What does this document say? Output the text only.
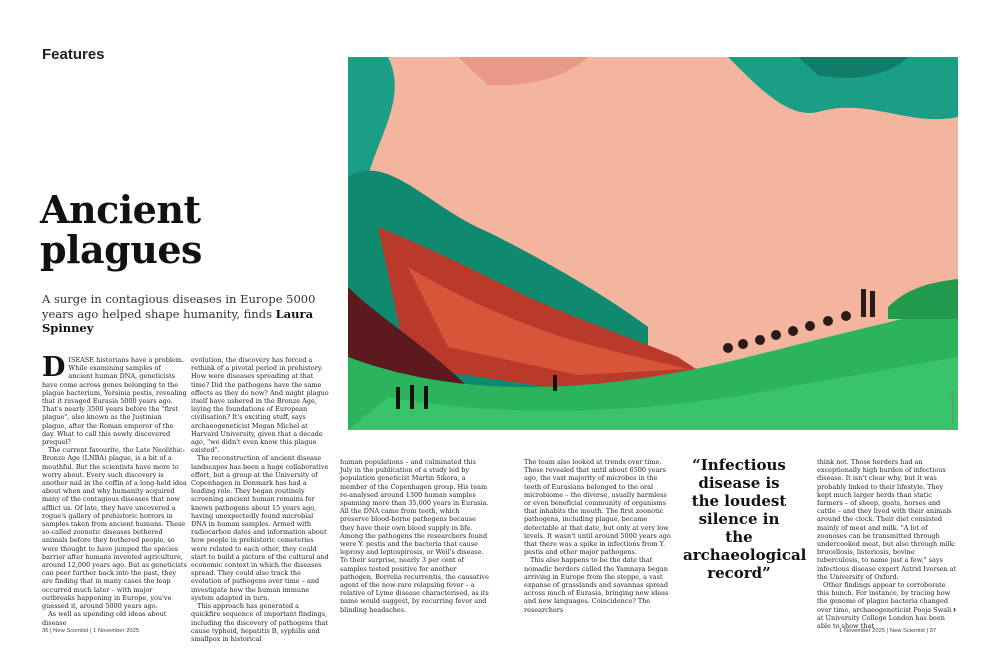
Features
Ancient
plagues
A surge in contagious diseases in Europe 5000 years ago helped shape humanity, finds Laura Spinney
SIMON PEMBERTON
D ISEASE historians have a problem. While examining samples of ancient human DNA, geneticists have come across genes belonging to the plague bacterium, Yersinia pestis, revealing that it ravaged Eurasia 5000 years ago. That's nearly 3500 years before the "first plague", also known as the Justinian plague, after the Roman emperor of the day. What to call this newly discovered prequel?

The current favourite, the Late Neolithic-Bronze Age (LNBA) plague, is a bit of a mouthful. But the scientists have more to worry about. Every such discovery is another nail in the coffin of a long-held idea about when and why humanity acquired many of the contagious diseases that now afflict us. Of late, they have uncovered a rogue's gallery of prehistoric horrors in samples taken from ancient humans. These so-called zoonotic diseases bothered animals before they bothered people, so were thought to have jumped the species barrier after humans invented agriculture, around 12,000 years ago. But as geneticists can peer further back into the past, they are finding that in many cases the leap occurred much later – with major outbreaks happening in Europe, you've guessed it, around 5000 years ago.

As well as upending old ideas about disease

evolution, the discovery has forced a rethink of a pivotal period in prehistory. How were diseases spreading at that time? Did the pathogens have the same effects as they do now? And might plague itself have ushered in the Bronze Age, laying the foundations of European civilisation? It's exciting stuff, says archaeogeneticist Megan Michel at Harvard University, given that a decade ago, "we didn't even know this plague existed".

The reconstruction of ancient disease landscapes has been a huge collaborative effort, but a group at the University of Copenhagen in Denmark has had a leading role. They began routinely screening ancient human remains for known pathogens about 15 years ago, having unexpectedly found microbial DNA in human samples. Armed with radiocarbon dates and information about how people in prehistoric cemeteries were related to each other, they could start to build a picture of the cultural and economic context in which the diseases spread. They could also track the evolution of pathogens over time – and investigate how the human immune system adapted in turn.

This approach has generated a quickfire sequence of important findings, including the discovery of pathogens that cause typhoid, hepatitis B, syphilis and smallpox in historical

human populations – and culminated this July in the publication of a study led by population geneticist Martin Sikora, a member of the Copenhagen group. His team re-analysed around 1300 human samples spanning more than 35,000 years in Eurasia. All the DNA came from teeth, which preserve blood-borne pathogens because they have their own blood supply in life. Among the pathogens the researchers found were Y. pestis and the bacteria that cause leprosy and leptospirosis, or Weil's disease. To their surprise, nearly 3 per cent of samples tested positive for another pathogen, Borrelia recurrentis, the causative agent of the now-rare relapsing fever – a relative of Lyme disease characterised, as its name would suggest, by recurring fever and blinding headaches.

The team also looked at trends over time. These revealed that until about 6500 years ago, the vast majority of microbes in the teeth of Eurasians belonged to the oral microbiome – the diverse, usually harmless or even beneficial community of organisms that inhabits the mouth. The first zoonotic pathogens, including plague, became detectable at that date, but only at very low levels. It wasn't until around 5000 years ago that there was a spike in infections from Y. pestis and other major pathogens.

This also happens to be the date that nomadic herders called the Yamnaya began arriving in Europe from the steppe, a vast expanse of grasslands and savannas spread across much of Eurasia, bringing new ideas and new languages. Coincidence? The researchers

“Infectious disease is the loudest silence in the archaeological record”

think not. Those herders had an exceptionally high burden of infectious disease. It isn't clear why, but it was probably linked to their lifestyle. They kept much larger herds than static farmers – of sheep, goats, horses and cattle – and they lived with their animals around the clock. Their diet consisted mainly of meat and milk. "A lot of zoonoses can be transmitted through undercooked meat, but also through milk: brucellosis, listeriosis, bovine tuberculosis, to name just a few," says infectious disease expert Astrid Iversen at the University of Oxford.

Other findings appear to corroborate this hunch. For instance, by tracing how the genome of plague bacteria changed over time, archaeogeneticist Pooja Swali at University College London has been able to show that

›
36 | New Scientist | 1 November 2025	1 November 2025 | New Scientist | 37
